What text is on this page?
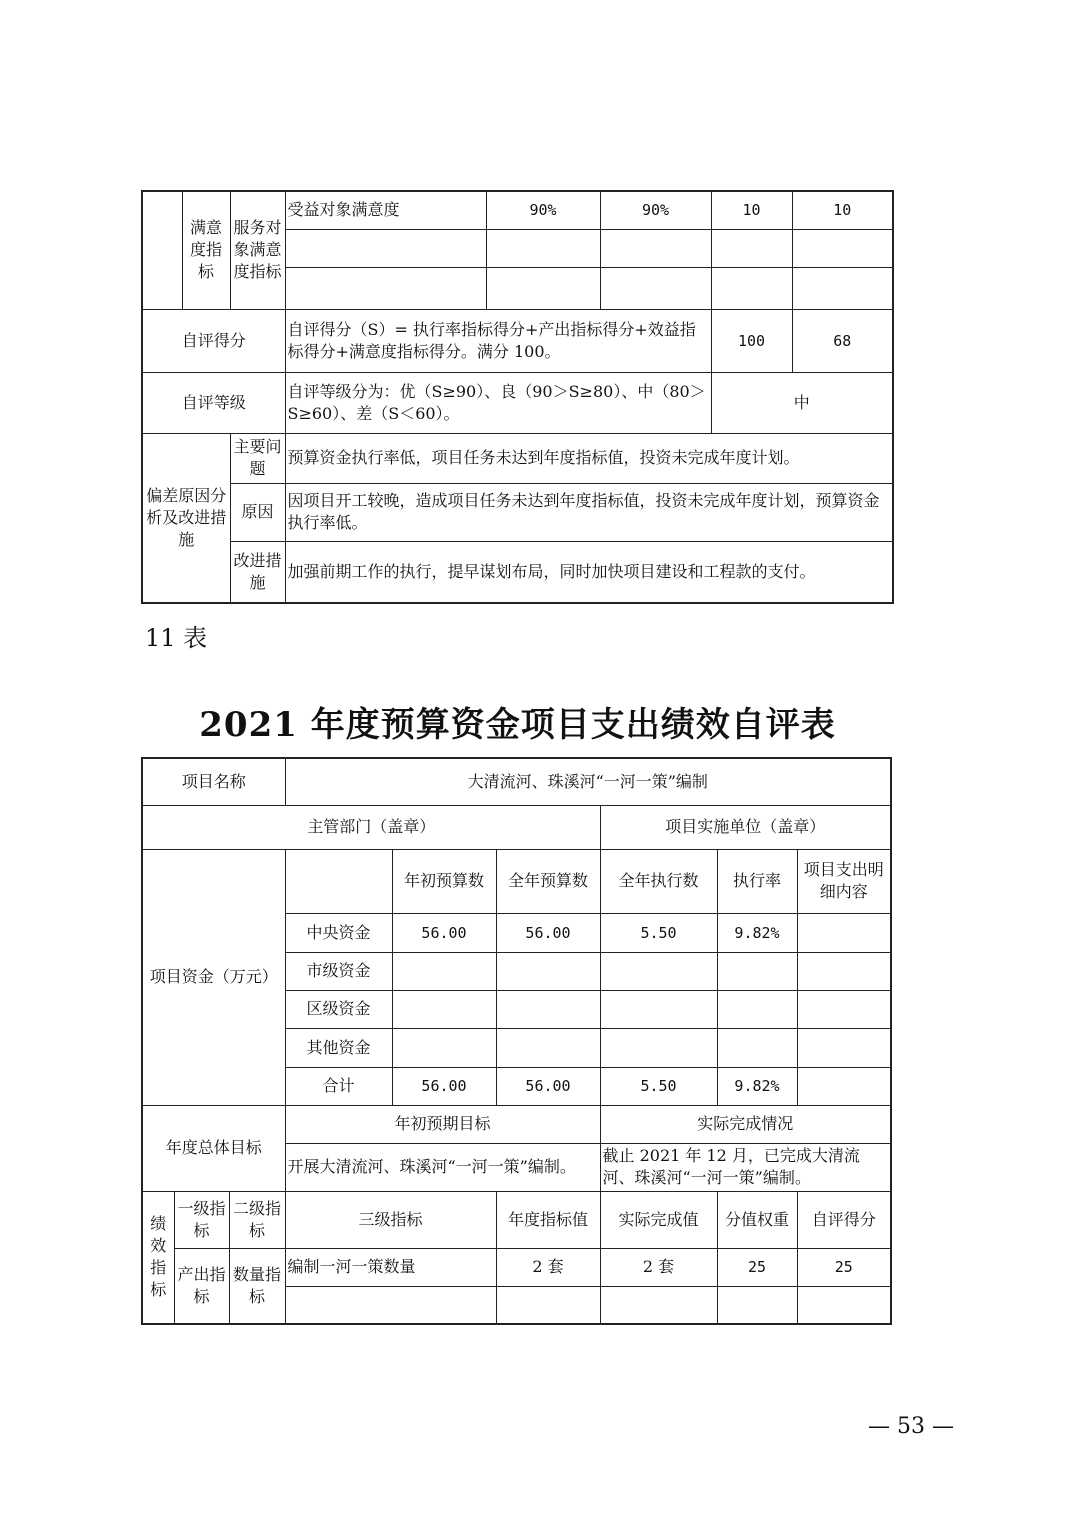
	满意度指标	服务对象满意度指标	受益对象满意度	90%	90%	10	10

自评得分			自评得分（S）= 执行率指标得分+产出指标得分+效益指标得分+满意度指标得分。满分 100。			100	68
自评等级			自评等级分为：优（S≥90）、良（90＞S≥80）、中（80＞S≥60）、差（S＜60）。			中	
偏差原因分析及改进措施		主要问题	预算资金执行率低，项目任务未达到年度指标值，投资未完成年度计划。				
		原因	因项目开工较晚，造成项目任务未达到年度指标值，投资未完成年度计划，预算资金执行率低。				
		改进措施	加强前期工作的执行，提早谋划布局，同时加快项目建设和工程款的支付。				
11 表
2021 年度预算资金项目支出绩效自评表
项目名称			大清流河、珠溪河“一河一策”编制					
主管部门（盖章）						项目实施单位（盖章）		
项目资金（万元）				年初预算数	全年预算数	全年执行数	执行率	项目支出明细内容
			中央资金	56.00	56.00	5.50	9.82%	
			市级资金					
			区级资金					
			其他资金					
			合计	56.00	56.00	5.50	9.82%	
年度总体目标			年初预期目标			实际完成情况		
			开展大清流河、珠溪河“一河一策”编制。			截止 2021 年 12 月，已完成大清流河、珠溪河“一河一策”编制。		
绩效指标	一级指标	二级指标	三级指标		年度指标值	实际完成值	分值权重	自评得分
	产出指标	数量指标	编制一河一策数量		2 套	2 套	25	25

— 53 —
